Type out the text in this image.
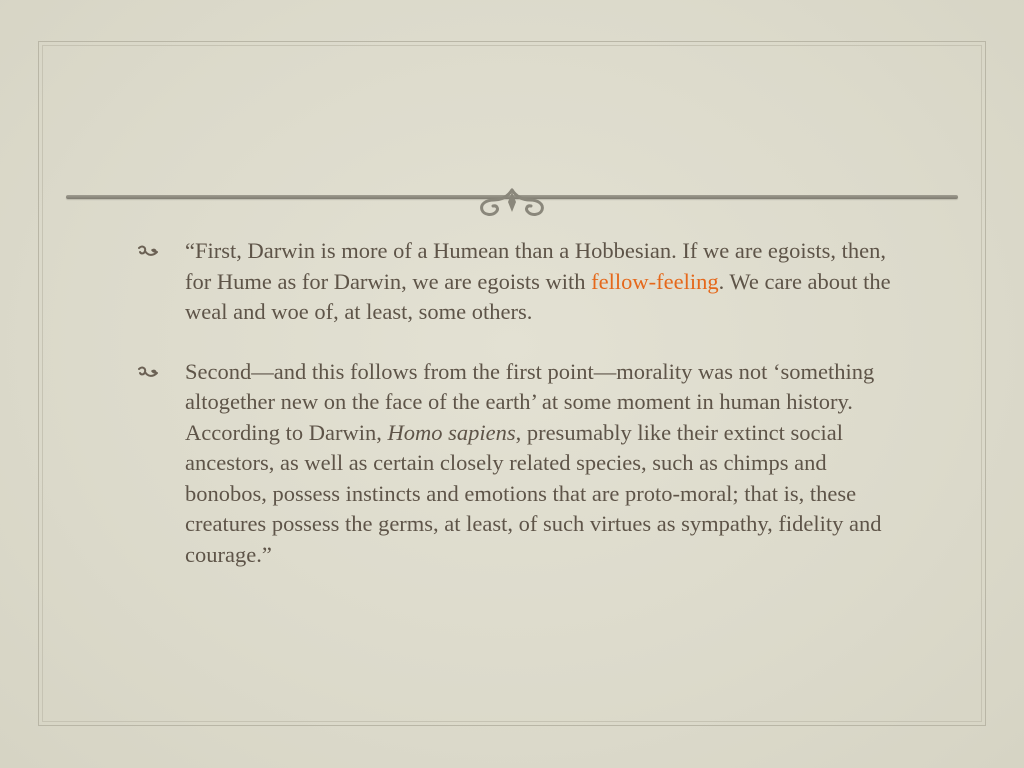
“First, Darwin is more of a Humean than a Hobbesian. If we are egoists, then, for Hume as for Darwin, we are egoists with fellow-feeling. We care about the weal and woe of, at least, some others.
Second—and this follows from the first point—morality was not ‘something altogether new on the face of the earth’ at some moment in human history. According to Darwin, Homo sapiens, presumably like their extinct social ancestors, as well as certain closely related species, such as chimps and bonobos, possess instincts and emotions that are proto-moral; that is, these creatures possess the germs, at least, of such virtues as sympathy, fidelity and courage.”
